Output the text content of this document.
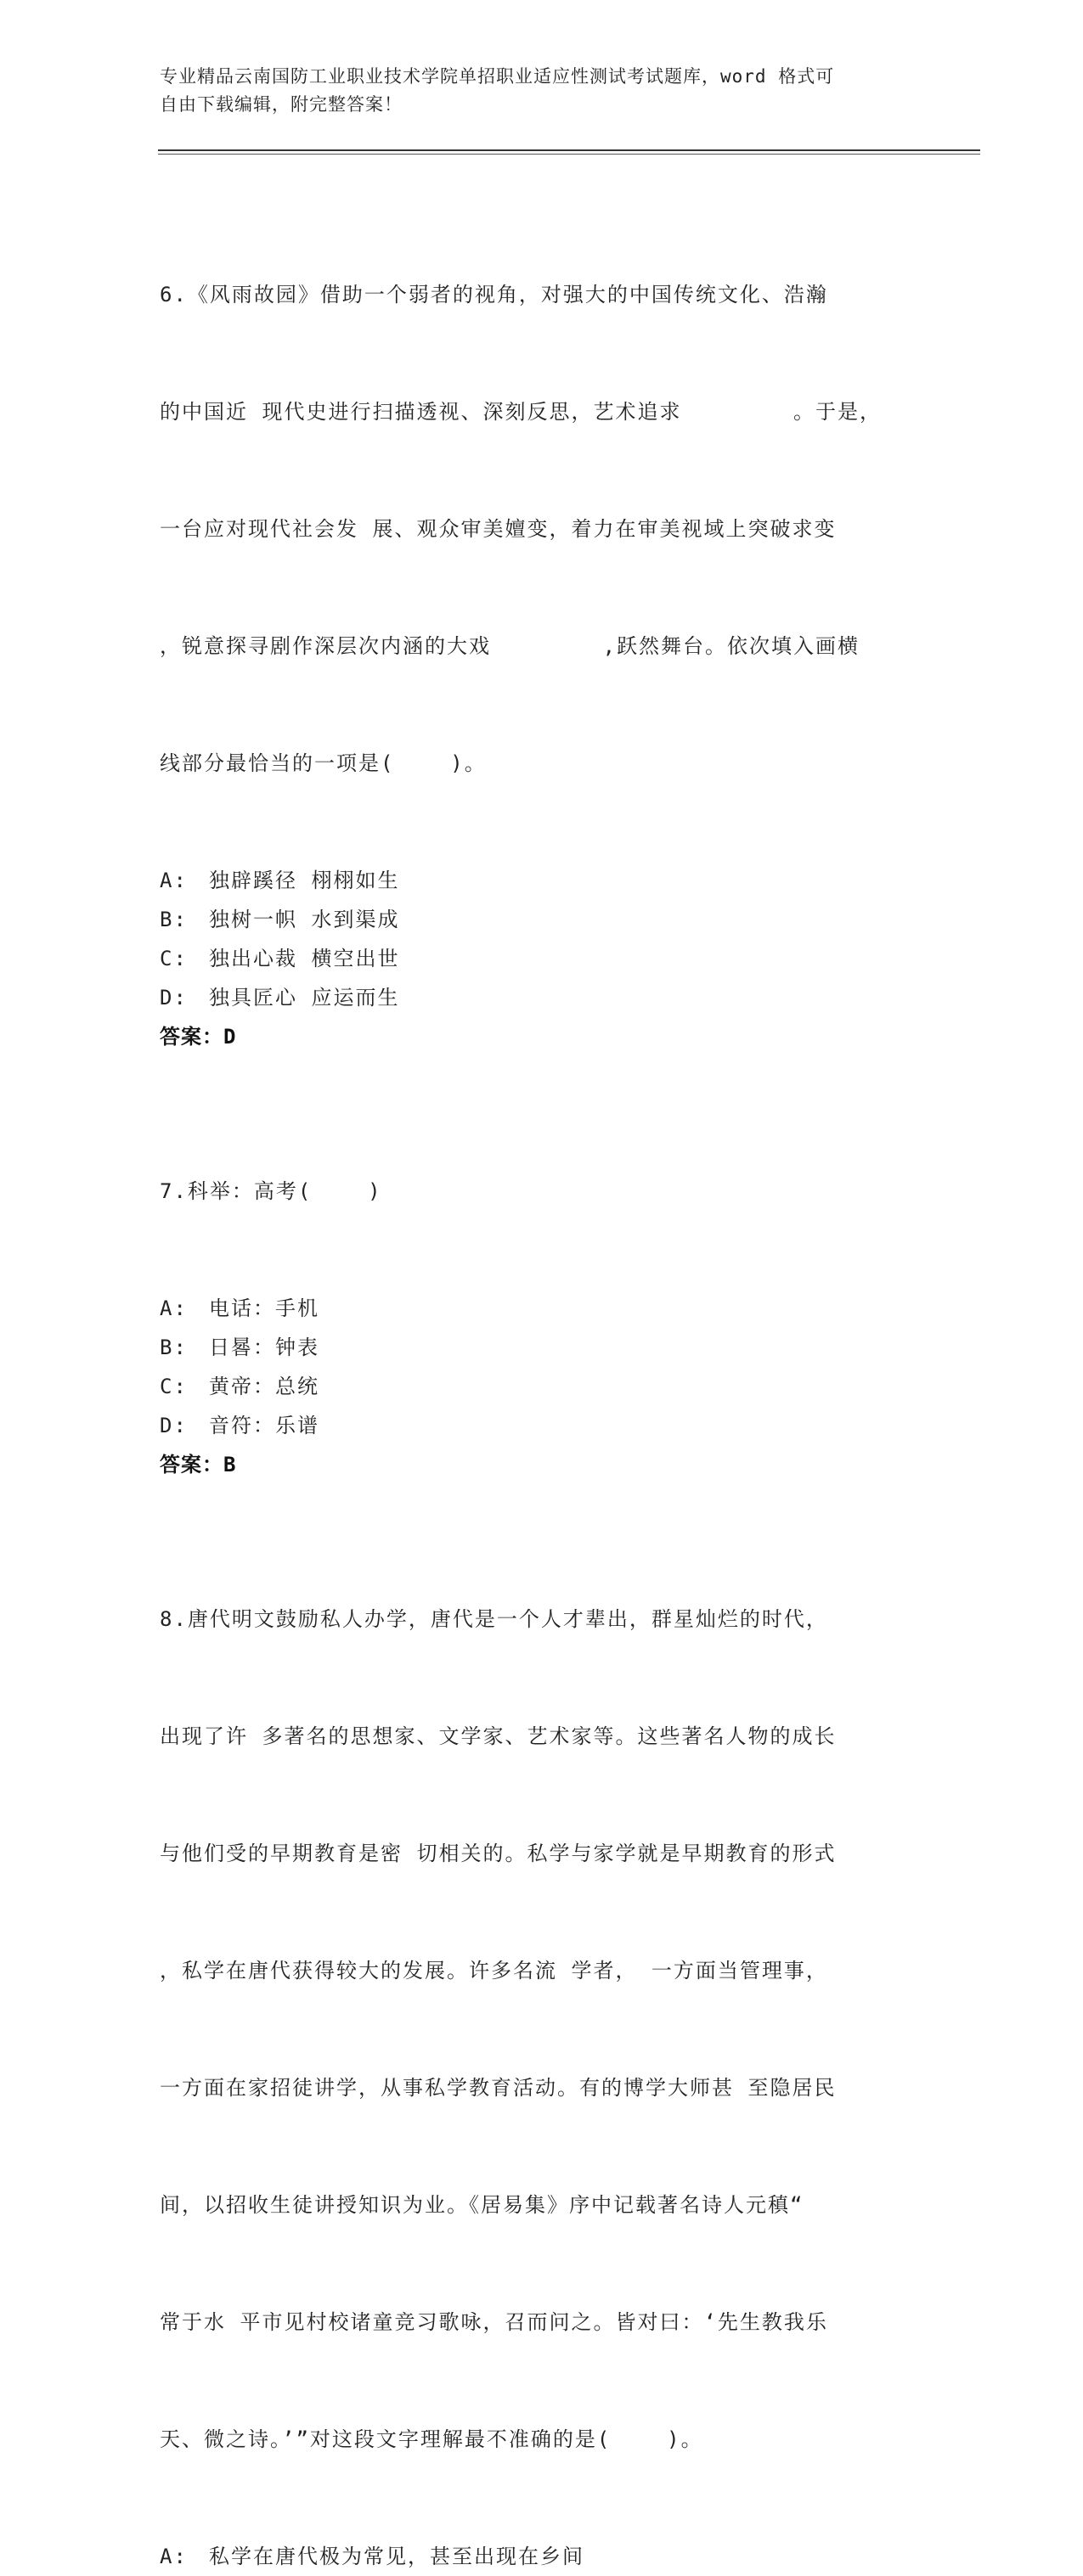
专业精品云南国防工业职业技术学院单招职业适应性测试考试题库，word 格式可
自由下载编辑，附完整答案！

6.《风雨故园》借助一个弱者的视角，对强大的中国传统文化、浩瀚

的中国近 现代史进行扫描透视、深刻反思，艺术追求        。于是，

一台应对现代社会发 展、观众审美嬗变，着力在审美视域上突破求变

，锐意探寻剧作深层次内涵的大戏        ,跃然舞台。依次填入画横

线部分最恰当的一项是(    )。

A: 独辟蹊径 栩栩如生
B: 独树一帜 水到渠成
C: 独出心裁 横空出世
D: 独具匠心 应运而生
答案：D

7.科举：高考(    )

A: 电话：手机
B: 日晷：钟表
C: 黄帝：总统
D: 音符：乐谱
答案：B

8.唐代明文鼓励私人办学，唐代是一个人才辈出，群星灿烂的时代，

出现了许 多著名的思想家、文学家、艺术家等。这些著名人物的成长

与他们受的早期教育是密 切相关的。私学与家学就是早期教育的形式

，私学在唐代获得较大的发展。许多名流 学者， 一方面当管理事，

一方面在家招徒讲学，从事私学教育活动。有的博学大师甚 至隐居民

间，以招收生徒讲授知识为业。《居易集》序中记载著名诗人元稹“

常于水 平市见村校诸童竞习歌咏，召而问之。皆对曰：‘先生教我乐

天、微之诗。’”对这段文字理解最不准确的是(    )。

A: 私学在唐代极为常见，甚至出现在乡间
